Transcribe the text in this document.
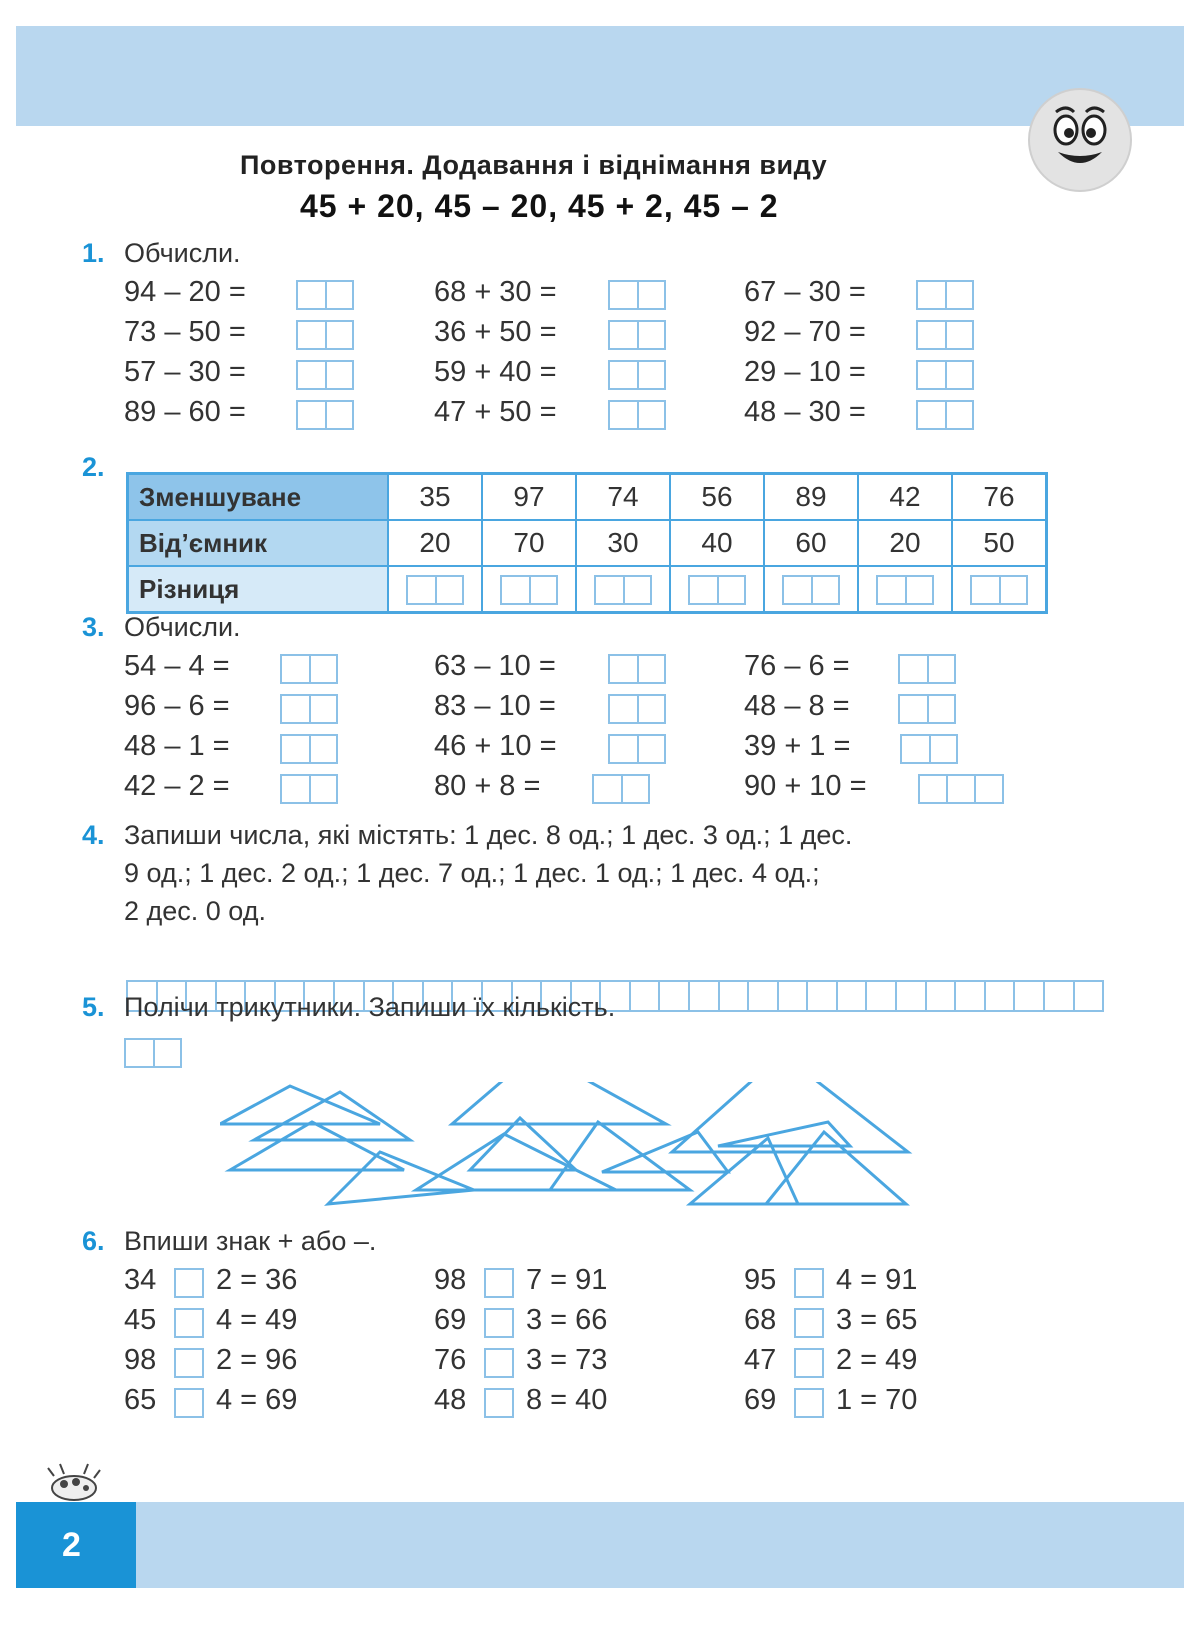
2
Повторення. Додавання і віднімання виду
45 + 20, 45 – 20, 45 + 2, 45 – 2
1. Обчисли.
94 – 20 =
73 – 50 =
57 – 30 =
89 – 60 =
68 + 30 =
36 + 50 =
59 + 40 =
47 + 50 =
67 – 30 =
92 – 70 =
29 – 10 =
48 – 30 =
2.
Зменшуване	35	97	74	56	89	42	76
Від’ємник	20	70	30	40	60	20	50
Різниця							
3. Обчисли.
54 – 4 =
96 – 6 =
48 – 1 =
42 – 2 =
63 – 10 =
83 – 10 =
46 + 10 =
80 + 8 =
76 – 6 =
48 – 8 =
39 + 1 =
90 + 10 =
4. Запиши числа, які містять: 1 дес. 8 од.; 1 дес. 3 од.; 1 дес.
9 од.; 1 дес. 2 од.; 1 дес. 7 од.; 1 дес. 1 од.; 1 дес. 4 од.;
2 дес. 0 од.
5. Полічи трикутники. Запиши їх кількість.
6. Впиши знак + або –.
34 2 = 36
45 4 = 49
98 2 = 96
65 4 = 69
98 7 = 91
69 3 = 66
76 3 = 73
48 8 = 40
95 4 = 91
68 3 = 65
47 2 = 49
69 1 = 70
